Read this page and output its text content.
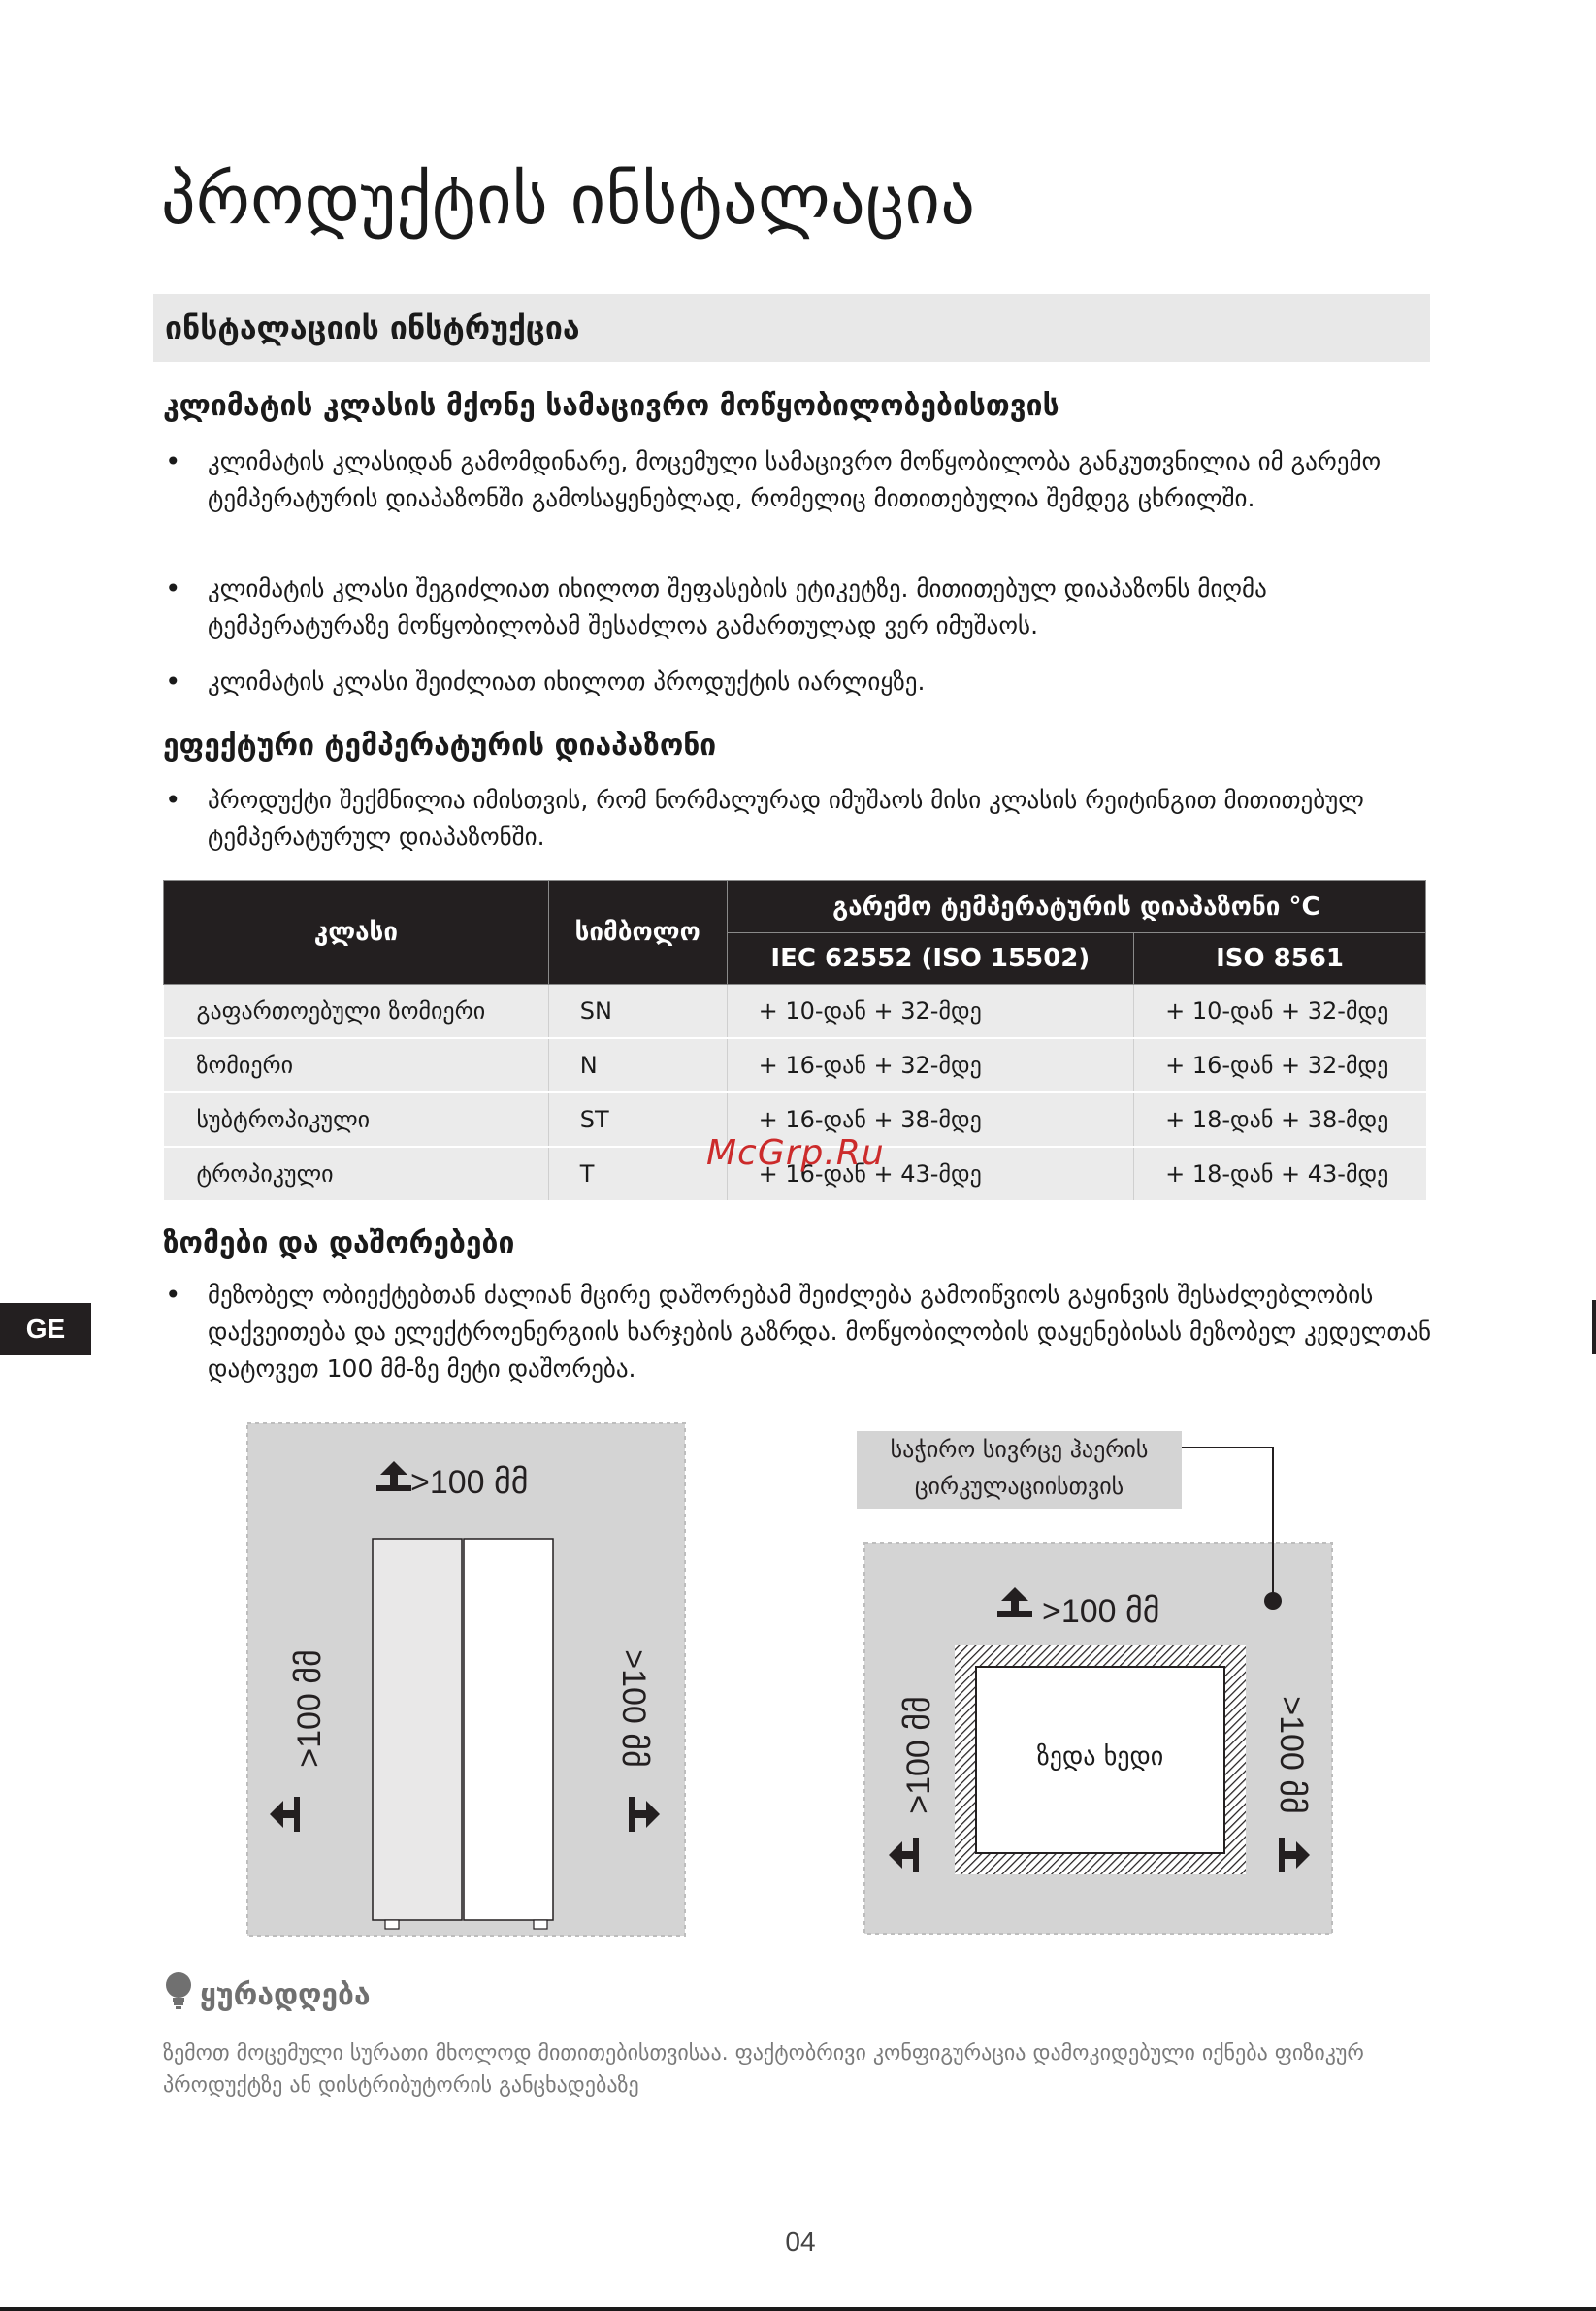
პროდუქტის ინსტალაცია
ინსტალაციის ინსტრუქცია
კლიმატის კლასის მქონე სამაცივრო მოწყობილობებისთვის
• კლიმატის კლასიდან გამომდინარე, მოცემული სამაცივრო მოწყობილობა განკუთვნილია იმ გარემო ტემპერატურის დიაპაზონში გამოსაყენებლად, რომელიც მითითებულია შემდეგ ცხრილში.
• კლიმატის კლასი შეგიძლიათ იხილოთ შეფასების ეტიკეტზე. მითითებულ დიაპაზონს მიღმა ტემპერატურაზე მოწყობილობამ შესაძლოა გამართულად ვერ იმუშაოს.
• კლიმატის კლასი შეიძლიათ იხილოთ პროდუქტის იარლიყზე.
ეფექტური ტემპერატურის დიაპაზონი
• პროდუქტი შექმნილია იმისთვის, რომ ნორმალურად იმუშაოს მისი კლასის რეიტინგით მითითებულ ტემპერატურულ დიაპაზონში.
კლასი	სიმბოლო	გარემო ტემპერატურის დიაპაზონი °C	
		IEC 62552 (ISO 15502)	ISO 8561
გაფართოებული ზომიერი	SN	+ 10-დან + 32-მდე	+ 10-დან + 32-მდე
ზომიერი	N	+ 16-დან + 32-მდე	+ 16-დან + 32-მდე
სუბტროპიკული	ST	+ 16-დან + 38-მდე	+ 18-დან + 38-მდე
ტროპიკული	T	+ 16-დან + 43-მდე	+ 18-დან + 43-მდე
McGrp.Ru
ზომები და დაშორებები
• მეზობელ ობიექტებთან ძალიან მცირე დაშორებამ შეიძლება გამოიწვიოს გაყინვის შესაძლებლობის დაქვეითება და ელექტროენერგიის ხარჯების გაზრდა. მოწყობილობის დაყენებისას მეზობელ კედელთან დატოვეთ 100 მმ-ზე მეტი დაშორება.
GE
>100 მმ
>100 მმ	>100 მმ
საჭირო სივრცე ჰაერის ცირკულაციისთვის
>100 მმ
>100 მმ	>100 მმ
ზედა ხედი
ყურადღება
ზემოთ მოცემული სურათი მხოლოდ მითითებისთვისაა. ფაქტობრივი კონფიგურაცია დამოკიდებული იქნება ფიზიკურ პროდუქტზე ან დისტრიბუტორის განცხადებაზე
04
